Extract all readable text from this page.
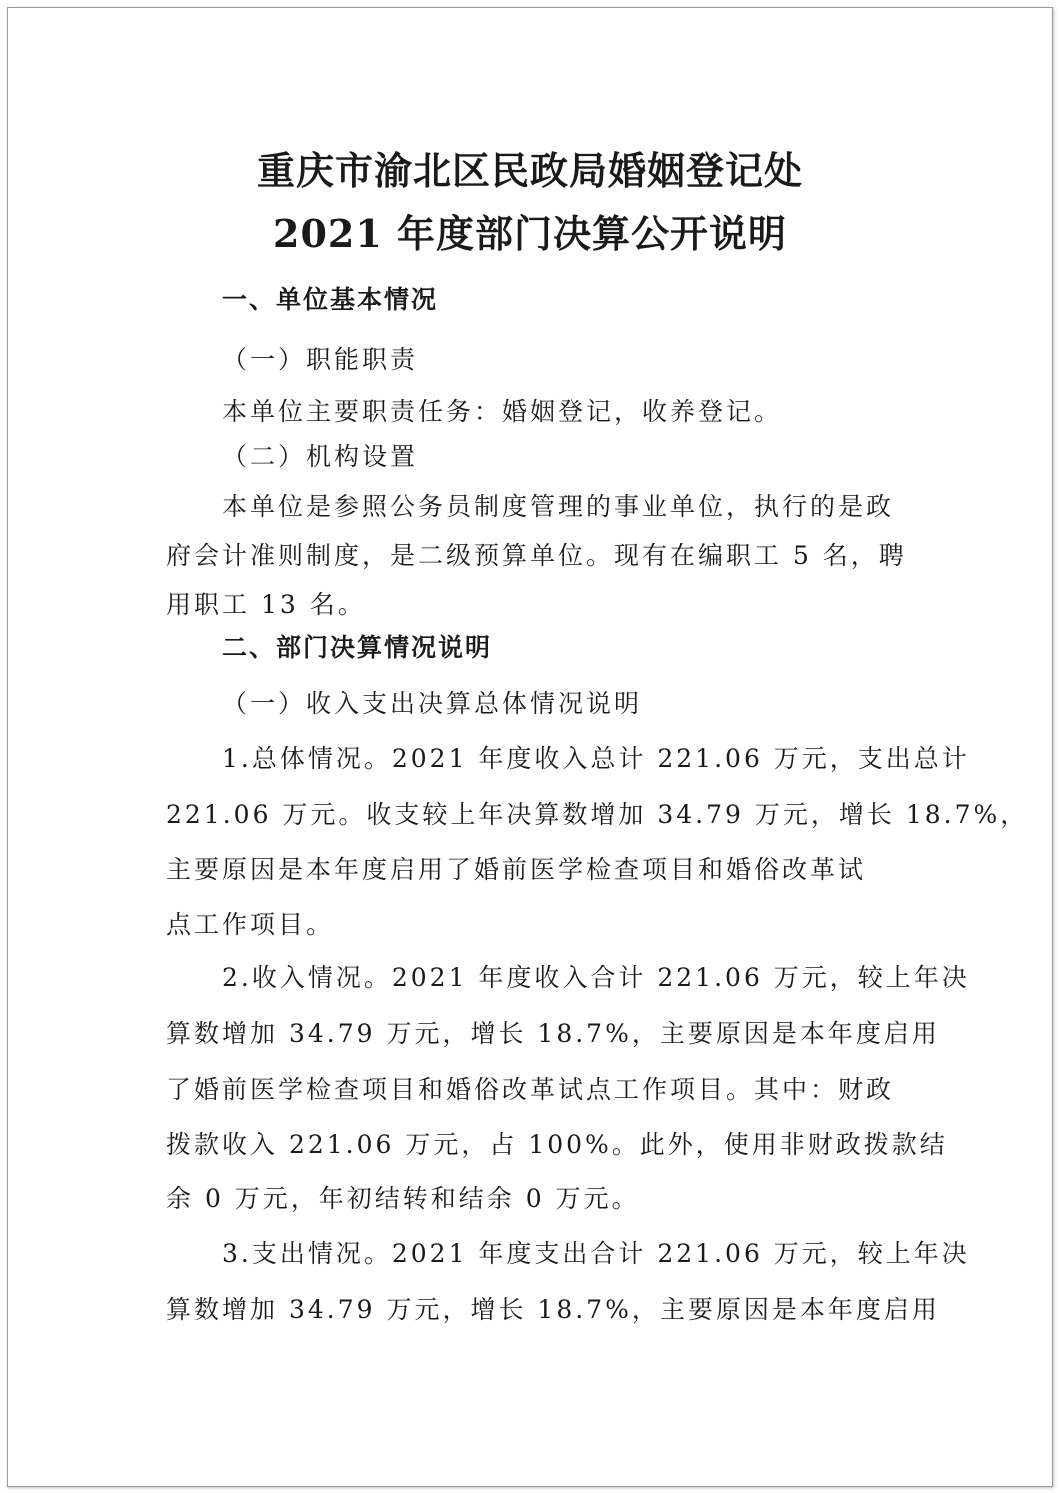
重庆市渝北区民政局婚姻登记处
2021 年度部门决算公开说明
一、单位基本情况
（一）职能职责
本单位主要职责任务：婚姻登记，收养登记。
（二）机构设置
本单位是参照公务员制度管理的事业单位，执行的是政
府会计准则制度，是二级预算单位。现有在编职工 5 名，聘
用职工 13 名。
二、部门决算情况说明
（一）收入支出决算总体情况说明
1.总体情况。2021 年度收入总计 221.06 万元，支出总计
221.06 万元。收支较上年决算数增加 34.79 万元，增长 18.7%，
主要原因是本年度启用了婚前医学检查项目和婚俗改革试
点工作项目。
2.收入情况。2021 年度收入合计 221.06 万元，较上年决
算数增加 34.79 万元，增长 18.7%，主要原因是本年度启用
了婚前医学检查项目和婚俗改革试点工作项目。其中：财政
拨款收入 221.06 万元，占 100%。此外，使用非财政拨款结
余 0 万元，年初结转和结余 0 万元。
3.支出情况。2021 年度支出合计 221.06 万元，较上年决
算数增加 34.79 万元，增长 18.7%，主要原因是本年度启用
